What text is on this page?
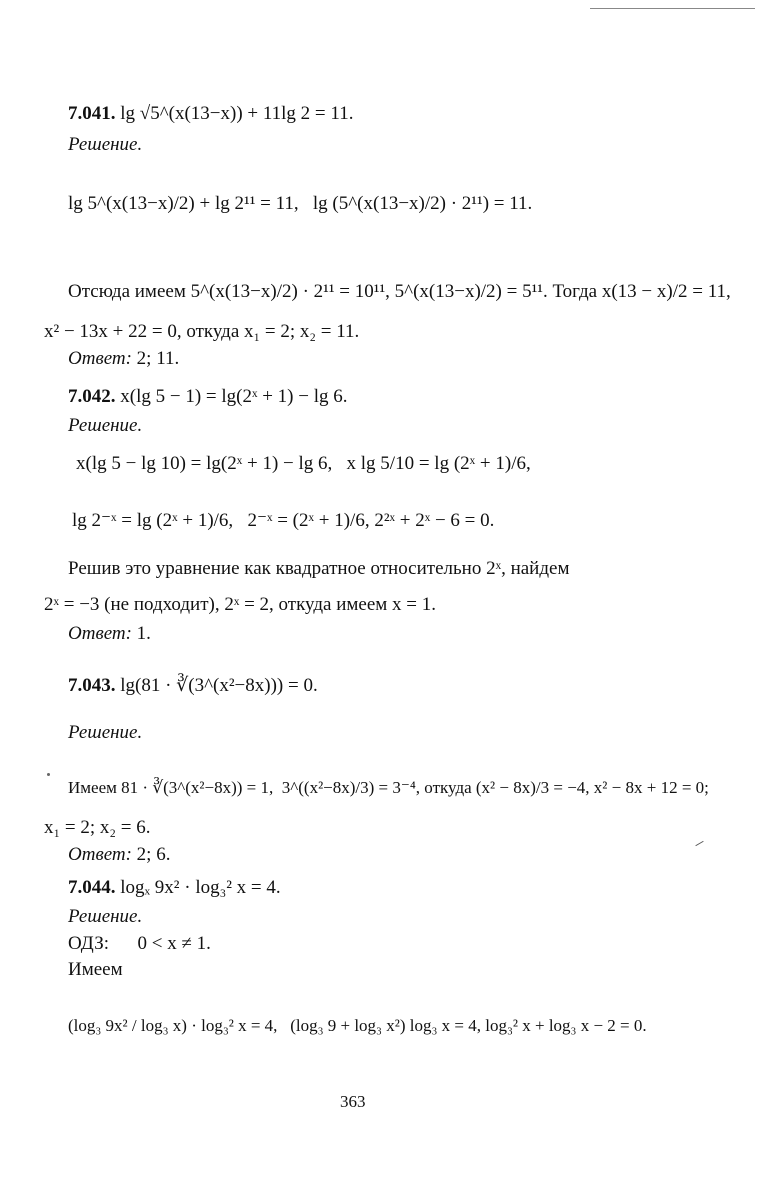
7.041. lg √5^(x(13−x)) + 11lg 2 = 11.
Решение.
lg 5^(x(13−x)/2) + lg 2¹¹ = 11, lg (5^(x(13−x)/2) · 2¹¹) = 11.
Отсюда имеем 5^(x(13−x)/2) · 2¹¹ = 10¹¹, 5^(x(13−x)/2) = 5¹¹. Тогда x(13 − x)/2 = 11,
x² − 13x + 22 = 0, откуда x₁ = 2; x₂ = 11.
Ответ: 2; 11.
7.042. x(lg 5 − 1) = lg(2ˣ + 1) − lg 6.
Решение.
x(lg 5 − lg 10) = lg(2ˣ + 1) − lg 6, x lg 5/10 = lg (2ˣ + 1)/6,
lg 2⁻ˣ = lg (2ˣ + 1)/6, 2⁻ˣ = (2ˣ + 1)/6, 2²ˣ + 2ˣ − 6 = 0.
Решив это уравнение как квадратное относительно 2ˣ, найдем
2ˣ = −3 (не подходит), 2ˣ = 2, откуда имеем x = 1.
Ответ: 1.
7.043. lg(81 · ∛(3^(x²−8x))) = 0.
Решение.
Имеем 81 · ∛(3^(x²−8x)) = 1, 3^((x²−8x)/3) = 3⁻⁴, откуда (x² − 8x)/3 = −4, x² − 8x + 12 = 0;
x₁ = 2; x₂ = 6.
Ответ: 2; 6.
7.044. logₓ 9x² · log₃² x = 4.
Решение.
ОДЗ: 0 < x ≠ 1.
Имеем
(log₃ 9x² / log₃ x) · log₃² x = 4, (log₃ 9 + log₃ x²) log₃ x = 4, log₃² x + log₃ x − 2 = 0.
363
